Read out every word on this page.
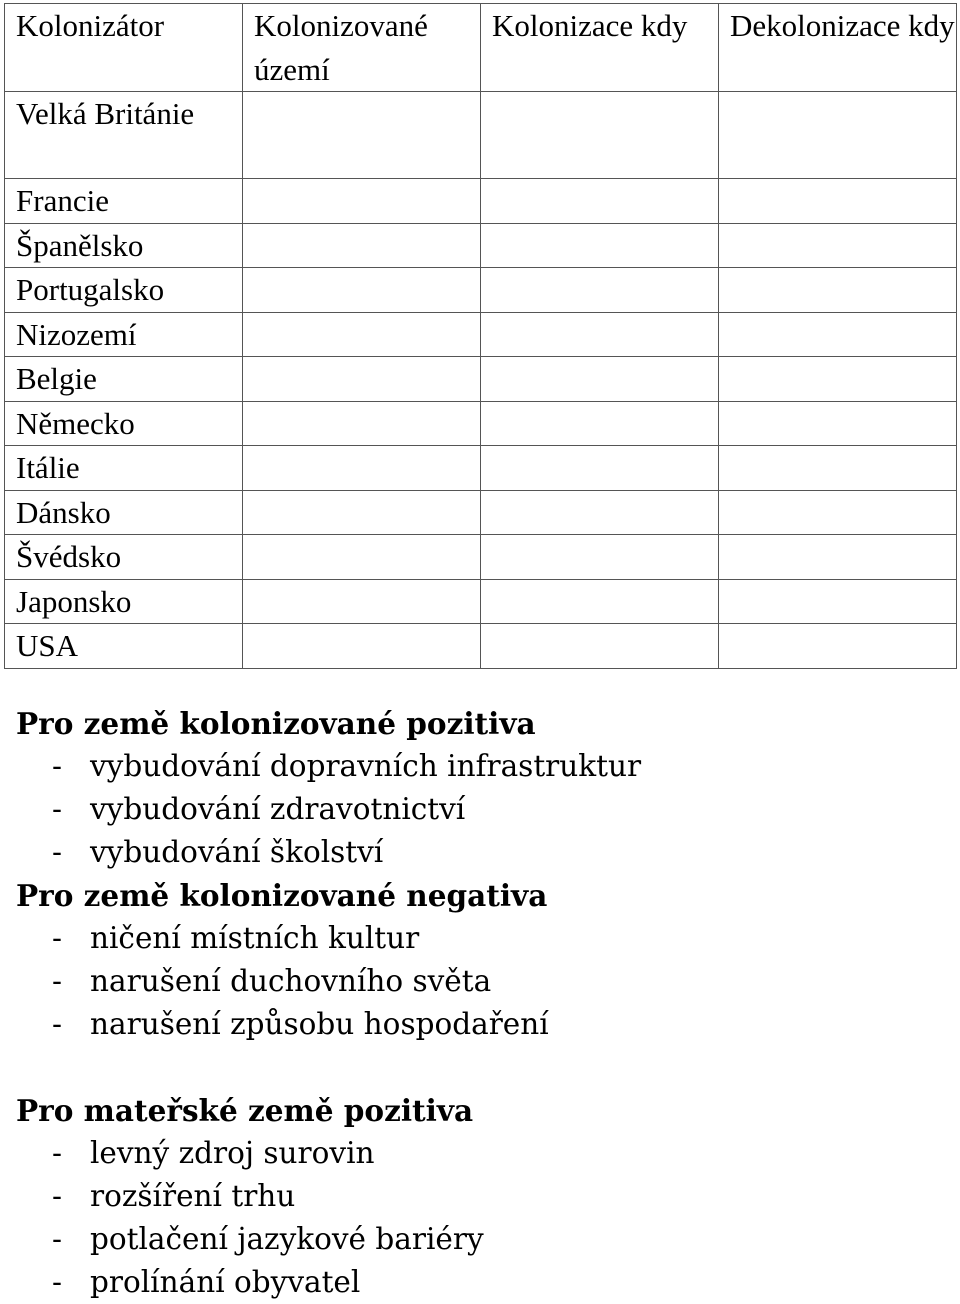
Kolonizátor	Kolonizované území	Kolonizace kdy	Dekolonizace kdy
Velká Británie			
Francie			
Španělsko			
Portugalsko			
Nizozemí			
Belgie			
Německo			
Itálie			
Dánsko			
Švédsko			
Japonsko			
USA			

Pro země kolonizované pozitiva

- vybudování dopravních infrastruktur
- vybudování zdravotnictví
- vybudování školství

Pro země kolonizované negativa

- ničení místních kultur
- narušení duchovního světa
- narušení způsobu hospodaření

Pro mateřské země pozitiva

- levný zdroj surovin
- rozšíření trhu
- potlačení jazykové bariéry
- prolínání obyvatel
